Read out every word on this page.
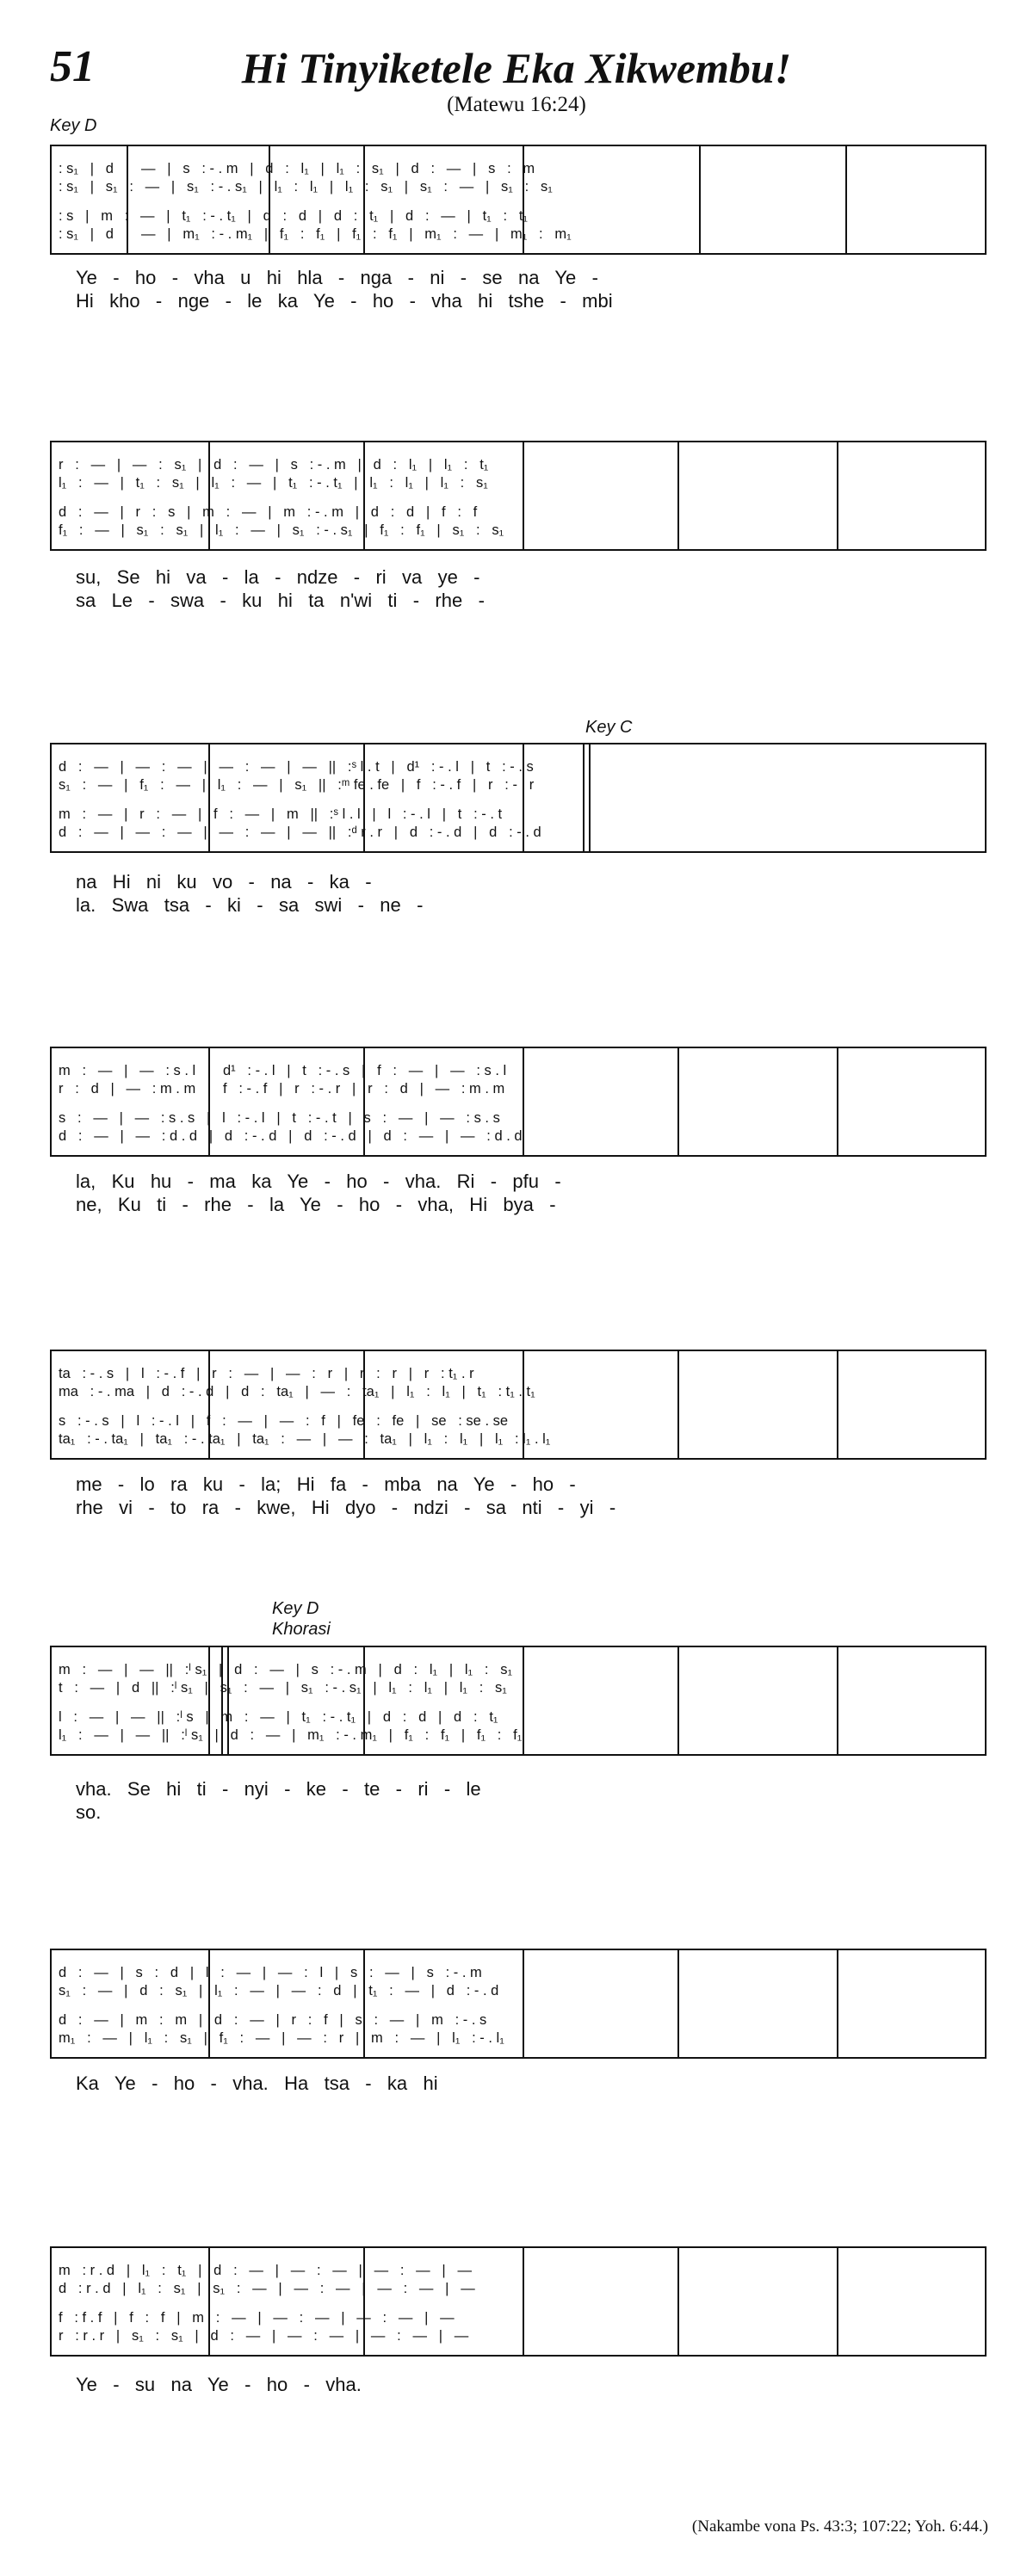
51	Hi Tinyiketele Eka Xikwembu!
(Matewu 16:24)
Key D
Key C
Key D
Khorasi
: s₁   |   d   :   —   |   s   : - . m   |   d   :   l₁   |   l₁   :   s₁   |   d   :   —   |   s   :   m
: s₁   |   s₁   :   —   |   s₁   : - . s₁   |   l₁   :   l₁   |   l₁   :   s₁   |   s₁   :   —   |   s₁   :   s₁
: s   |   m   :   —   |   t₁   : - . t₁   |   d   :   d   |   d   :   t₁   |   d   :   —   |   t₁   :   t₁
: s₁   |   d   :   —   |   m₁   : - . m₁   |   f₁   :   f₁   |   f₁   :   f₁   |   m₁   :   —   |   m₁   :   m₁
Ye   -   ho   -   vha   u   hi   hla   -   nga   -   ni   -   se   na   Ye   -
Hi   kho   -   nge   -   le   ka   Ye   -   ho   -   vha   hi   tshe   -   mbi
r   :   —   |   —   :   s₁   |   d   :   —   |   s   : - . m   |   d   :   l₁   |   l₁   :   t₁
l₁   :   —   |   t₁   :   s₁   |   l₁   :   —   |   t₁   : - . t₁   |   l₁   :   l₁   |   l₁   :   s₁
d   :   —   |   r   :   s   |   m   :   —   |   m   : - . m   |   d   :   d   |   f   :   f
f₁   :   —   |   s₁   :   s₁   |   l₁   :   —   |   s₁   : - . s₁   |   f₁   :   f₁   |   s₁   :   s₁
su,   Se   hi   va   -   la   -   ndze   -   ri   va   ye   -
sa   Le   -   swa   -   ku   hi   ta   n'wi   ti   -   rhe   -
d   :   —   |   —   :   —   |   —   :   —   |   —   ||   :ˢ l . t   |   d¹   : - . l   |   t   : - . s
s₁   :   —   |   f₁   :   —   |   l₁   :   —   |   s₁   ||   :ᵐ fe . fe   |   f   : - . f   |   r   : - . r
m   :   —   |   r   :   —   |   f   :   —   |   m   ||   :ˢ l . l   |   l   : - . l   |   t   : - . t
d   :   —   |   —   :   —   |   —   :   —   |   —   ||   :ᵈ r . r   |   d   : - . d   |   d   : - . d
na   Hi   ni   ku   vo   -   na   -   ka   -
la.   Swa   tsa   -   ki   -   sa   swi   -   ne   -
m   :   —   |   —   : s . l   |   d¹   : - . l   |   t   : - . s   |   f   :   —   |   —   : s . l
r   :   d   |   —   : m . m   |   f   : - . f   |   r   : - . r   |   r   :   d   |   —   : m . m
s   :   —   |   —   : s . s   |   l   : - . l   |   t   : - . t   |   s   :   —   |   —   : s . s
d   :   —   |   —   : d . d   |   d   : - . d   |   d   : - . d   |   d   :   —   |   —   : d . d
la,   Ku   hu   -   ma   ka   Ye   -   ho   -   vha.   Ri   -   pfu   -
ne,   Ku   ti   -   rhe   -   la   Ye   -   ho   -   vha,   Hi   bya   -
ta   : - . s   |   l   : - . f   |   r   :   —   |   —   :   r   |   r   :   r   |   r   : t₁ . r
ma   : - . ma   |   d   : - . d   |   d   :   ta₁   |   —   :   ta₁   |   l₁   :   l₁   |   t₁   : t₁ . t₁
s   : - . s   |   l   : - . l   |   f   :   —   |   —   :   f   |   fe   :   fe   |   se   : se . se
ta₁   : - . ta₁   |   ta₁   : - . ta₁   |   ta₁   :   —   |   —   :   ta₁   |   l₁   :   l₁   |   l₁   : l₁ . l₁
me   -   lo   ra   ku   -   la;   Hi   fa   -   mba   na   Ye   -   ho   -
rhe   vi   -   to   ra   -   kwe,   Hi   dyo   -   ndzi   -   sa   nti   -   yi   -
m   :   —   |   —   ||   :ˡ s₁   |   d   :   —   |   s   : - . m   |   d   :   l₁   |   l₁   :   s₁
t   :   —   |   d   ||   :ˡ s₁   |   s₁   :   —   |   s₁   : - . s₁   |   l₁   :   l₁   |   l₁   :   s₁
l   :   —   |   —   ||   :ˡ s   |   m   :   —   |   t₁   : - . t₁   |   d   :   d   |   d   :   t₁
l₁   :   —   |   —   ||   :ˡ s₁   |   d   :   —   |   m₁   : - . m₁   |   f₁   :   f₁   |   f₁   :   f₁
vha.   Se   hi   ti   -   nyi   -   ke   -   te   -   ri   -   le
so.
d   :   —   |   s   :   d   |   l   :   —   |   —   :   l   |   s   :   —   |   s   : - . m
s₁   :   —   |   d   :   s₁   |   l₁   :   —   |   —   :   d   |   t₁   :   —   |   d   : - . d
d   :   —   |   m   :   m   |   d   :   —   |   r   :   f   |   s   :   —   |   m   : - . s
m₁   :   —   |   l₁   :   s₁   |   f₁   :   —   |   —   :   r   |   m   :   —   |   l₁   : - . l₁
Ka   Ye   -   ho   -   vha.   Ha   tsa   -   ka   hi
m   : r . d   |   l₁   :   t₁   |   d   :   —   |   —   :   —   |   —   :   —   |   —
d   : r . d   |   l₁   :   s₁   |   s₁   :   —   |   —   :   —   |   —   :   —   |   —
f   : f . f   |   f   :   f   |   m   :   —   |   —   :   —   |   —   :   —   |   —
r   : r . r   |   s₁   :   s₁   |   d   :   —   |   —   :   —   |   —   :   —   |   —
Ye   -   su   na   Ye   -   ho   -   vha.
(Nakambe vona Ps. 43:3; 107:22; Yoh. 6:44.)
